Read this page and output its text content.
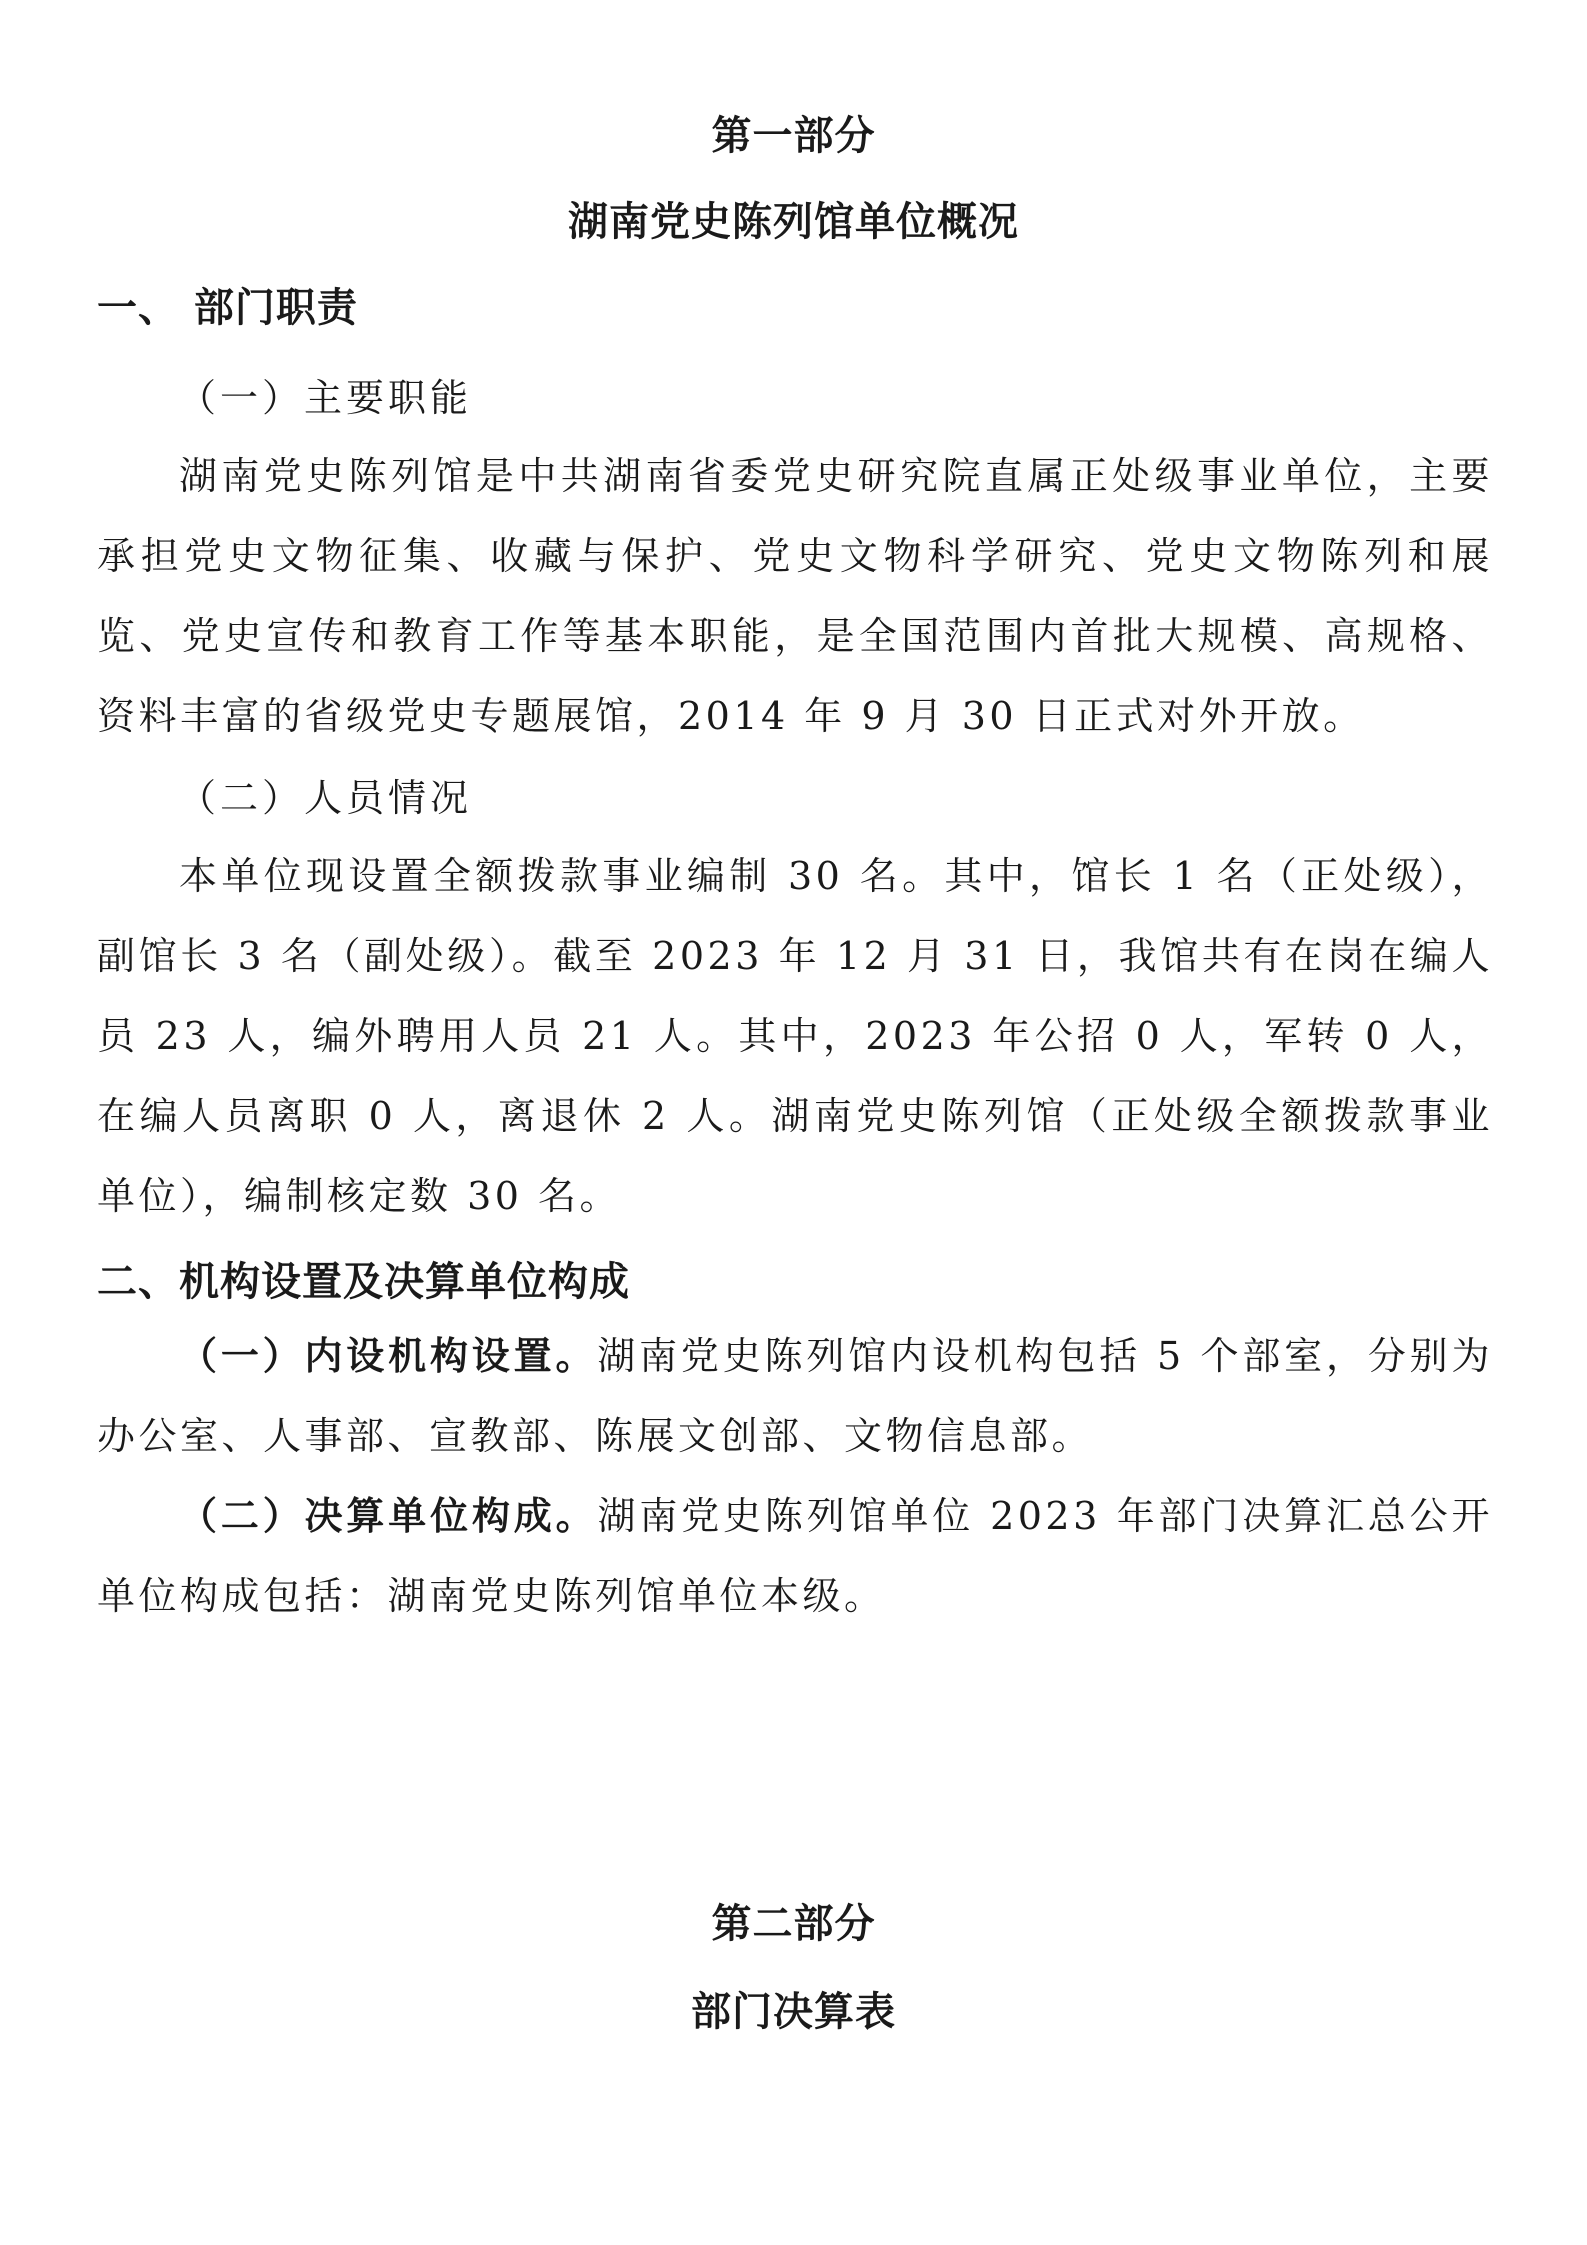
第一部分
湖南党史陈列馆单位概况
一、 部门职责
（一）主要职能
湖南党史陈列馆是中共湖南省委党史研究院直属正处级事业单位，主要承担党史文物征集、收藏与保护、党史文物科学研究、党史文物陈列和展览、党史宣传和教育工作等基本职能，是全国范围内首批大规模、高规格、资料丰富的省级党史专题展馆，2014 年 9 月 30 日正式对外开放。
（二）人员情况
本单位现设置全额拨款事业编制 30 名。其中，馆长 1 名（正处级），副馆长 3 名（副处级）。截至 2023 年 12 月 31 日，我馆共有在岗在编人员 23 人，编外聘用人员 21 人。其中，2023 年公招 0 人，军转 0 人，在编人员离职 0 人，离退休 2 人。湖南党史陈列馆（正处级全额拨款事业单位），编制核定数 30 名。
二、机构设置及决算单位构成
（一）内设机构设置。湖南党史陈列馆内设机构包括 5 个部室，分别为办公室、人事部、宣教部、陈展文创部、文物信息部。
（二）决算单位构成。湖南党史陈列馆单位 2023 年部门决算汇总公开单位构成包括：湖南党史陈列馆单位本级。
第二部分
部门决算表
